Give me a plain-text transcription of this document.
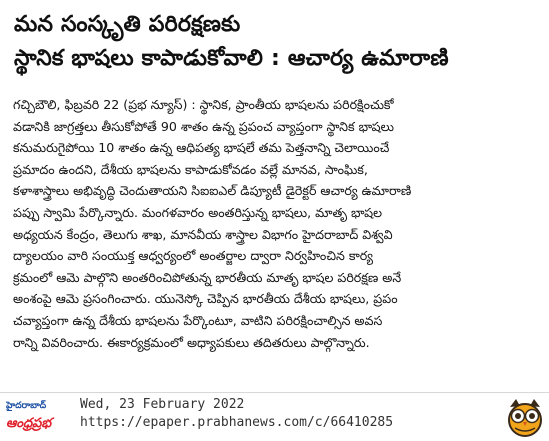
మన సంస్కృతి పరిరక్షణకు
స్థానిక భాషలు కాపాడుకోవాలి : ఆచార్య ఉమారాణి
గచ్చిబౌలి, ఫిబ్రవరి 22 (ప్రభ న్యూస్) : స్థానిక, ప్రాంతీయ భాషలను పరిరక్షించుకో
వడానికి జాగ్రత్తలు తీసుకోపోతే 90 శాతం ఉన్న ప్రపంచ వ్యాప్తంగా స్థానిక భాషలు
కనుమరుగైపోయి 10 శాతం ఉన్న ఆధిపత్య భాషలే తమ పెత్తనాన్ని చెలాయించే
ప్రమాదం ఉందని, దేశీయ భాషలను కాపాడుకోవడం వల్లే మానవ, సాంఘిక,
కళాశాస్త్రాలు అభివృద్ధి చెందుతాయని సిఐఐఎల్ డిప్యూటీ డైరెక్టర్ ఆచార్య ఉమారాణి
పప్పు స్వామి పేర్కొన్నారు. మంగళవారం అంతరిస్తున్న భాషలు, మాతృ భాషల
అధ్యయన కేంద్రం, తెలుగు శాఖ, మానవీయ శాస్త్రాల విభాగం హైదరాబాద్ విశ్వవి
ద్యాలయం వారి సంయుక్త ఆధ్వర్యంలో అంతర్జాల ద్వారా నిర్వహించిన కార్య
క్రమంలో ఆమె పాల్గొని అంతరించిపోతున్న భారతీయ మాతృ భాషల పరిరక్షణ అనే
అంశంపై ఆమె ప్రసంగించారు. యునెస్కో చెప్పిన భారతీయ దేశీయ భాషలు, ప్రపం
చవ్యాప్తంగా ఉన్న దేశీయ భాషలను పేర్కొంటూ, వాటిని పరిరక్షించాల్సిన అవస
రాన్ని వివరించారు. ఈకార్యక్రమంలో అధ్యాపకులు తదితరులు పాల్గొన్నారు.
హైదరాబాద్
ఆంధ్రప్రభ
Wed, 23 February 2022
https://epaper.prabhanews.com/c/66410285
